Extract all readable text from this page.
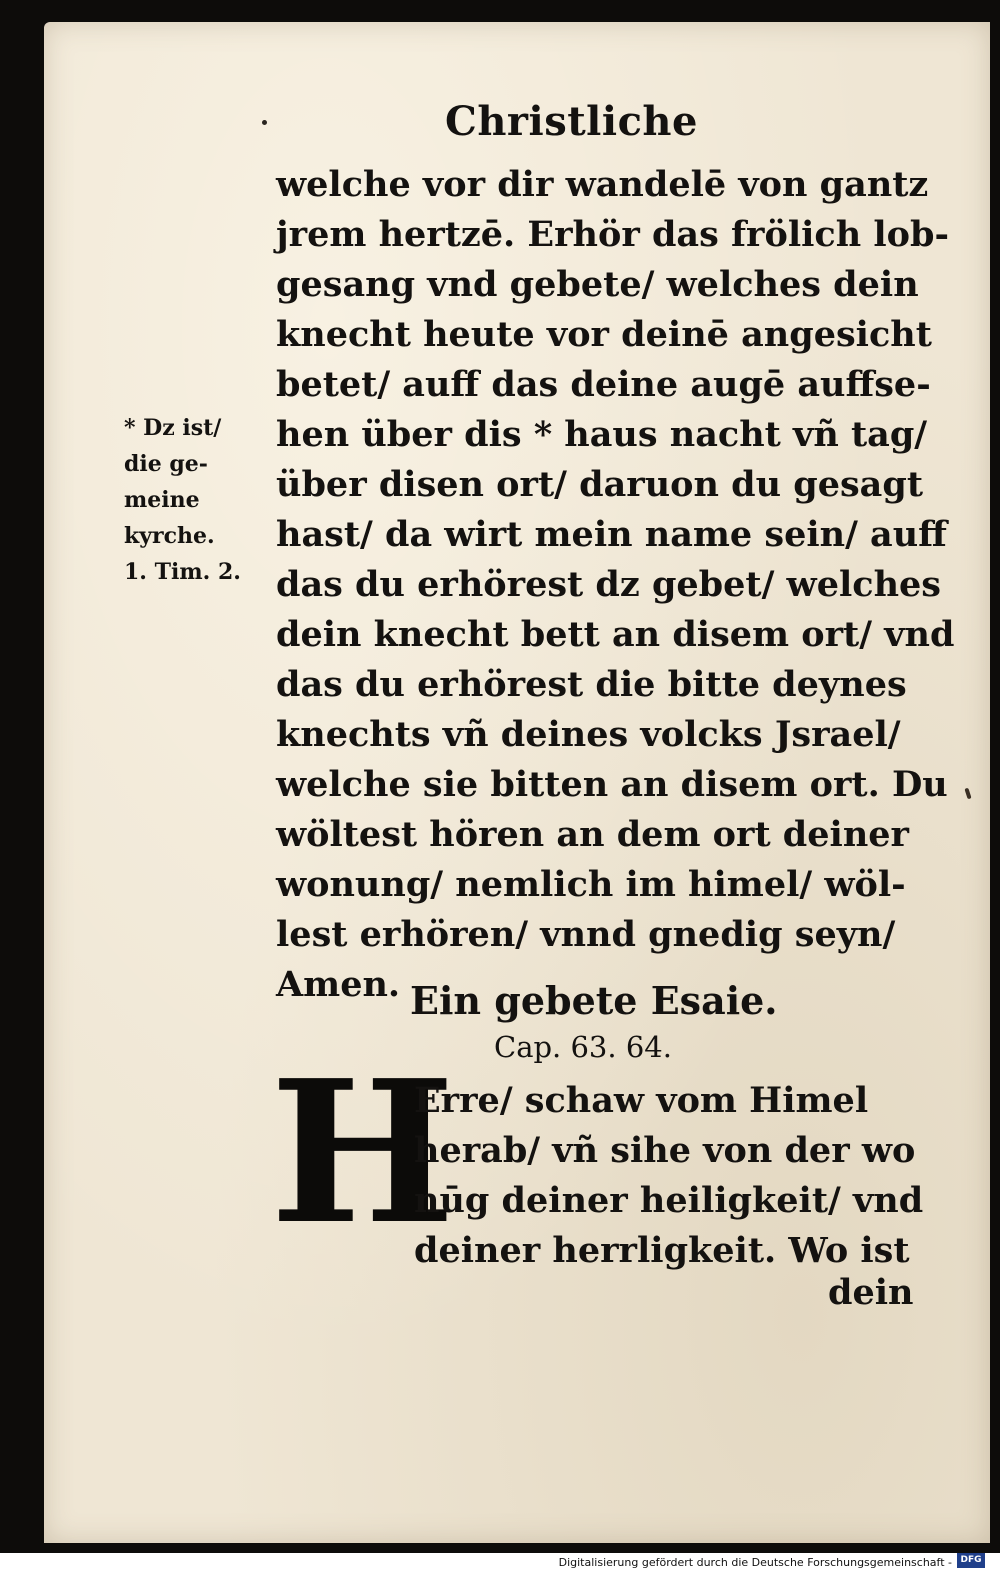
Christliche
* Dz ist/
die ge-
meine
kyrche.
1. Tim. 2.
welche vor dir wandelē von gantz
jrem hertzē. Erhör das frölich lob-
gesang vnd gebete/ welches dein
knecht heute vor deinē angesicht
betet/ auff das deine augē auffse-
hen über dis * haus nacht vñ tag/
über disen ort/ daruon du gesagt
hast/ da wirt mein name sein/ auff
das du erhörest dz gebet/ welches
dein knecht bett an disem ort/ vnd
das du erhörest die bitte deynes
knechts vñ deines volcks Jsrael/
welche sie bitten an disem ort. Du
wöltest hören an dem ort deiner
wonung/ nemlich im himel/ wöl-
lest erhören/ vnnd gnedig seyn/
Amen. Ein gebete Esaie.
Cap. 63. 64.
H
Erre/ schaw vom Himel
herab/ vñ sihe von der wo
nūg deiner heiligkeit/ vnd
deiner herrligkeit. Wo ist
dein
Digitalisierung gefördert durch die Deutsche Forschungsgemeinschaft - DFG
